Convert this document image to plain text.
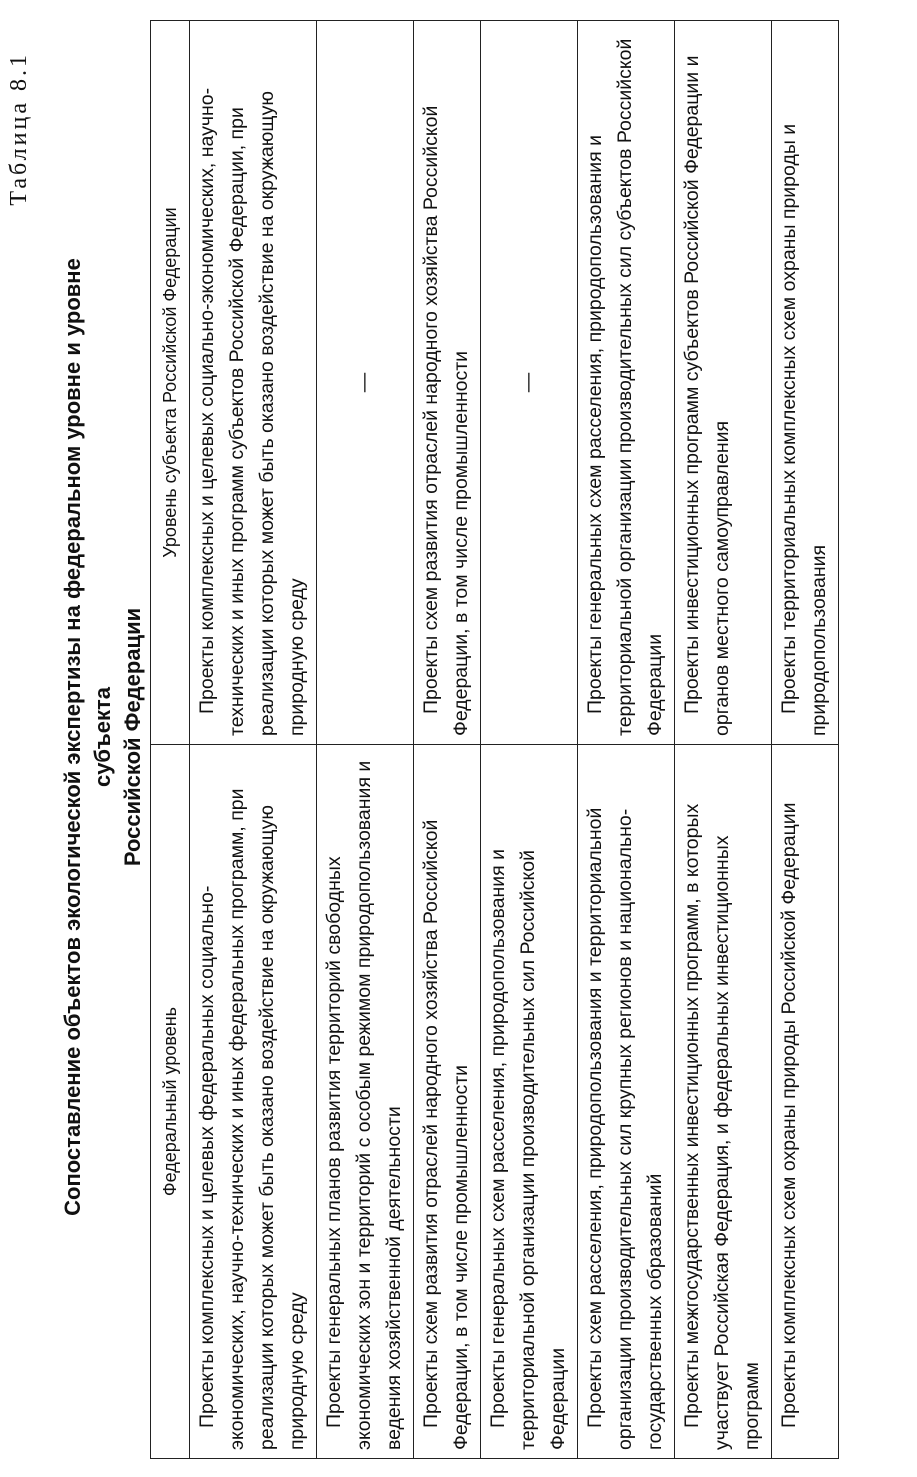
Таблица 8.1
Сопоставление объектов экологической экспертизы на федеральном уровне и уровне субъекта Российской Федерации
Федеральный уровень	Уровень субъекта Российской Федерации
Проекты комплексных и целевых федеральных социально-экономических, научно-технических и иных федеральных программ, при реализации которых может быть оказано воздействие на окружающую природную среду	Проекты комплексных и целевых социально-экономических, научно-технических и иных программ субъектов Российской Федерации, при реализации которых может быть оказано воздействие на окружающую природную среду
Проекты генеральных планов развития территорий свободных экономических зон и территорий с особым режимом природопользования и ведения хозяйственной деятельности	—
Проекты схем развития отраслей народного хозяйства Российской Федерации, в том числе промышленности	Проекты схем развития отраслей народного хозяйства Российской Федерации, в том числе промышленности
Проекты генеральных схем расселения, природопользования и территориальной организации производительных сил Российской Федерации	—
Проекты схем расселения, природопользования и территориальной организации производительных сил крупных регионов и национально-государственных образований	Проекты генеральных схем расселения, природопользования и территориальной организации производительных сил субъектов Российской Федерации
Проекты межгосударственных инвестиционных программ, в которых участвует Российская Федерация, и федеральных инвестиционных программ	Проекты инвестиционных программ субъектов Российской Федерации и органов местного самоуправления
Проекты комплексных схем охраны природы Российской Федерации	Проекты территориальных комплексных схем охраны природы и природопользования
